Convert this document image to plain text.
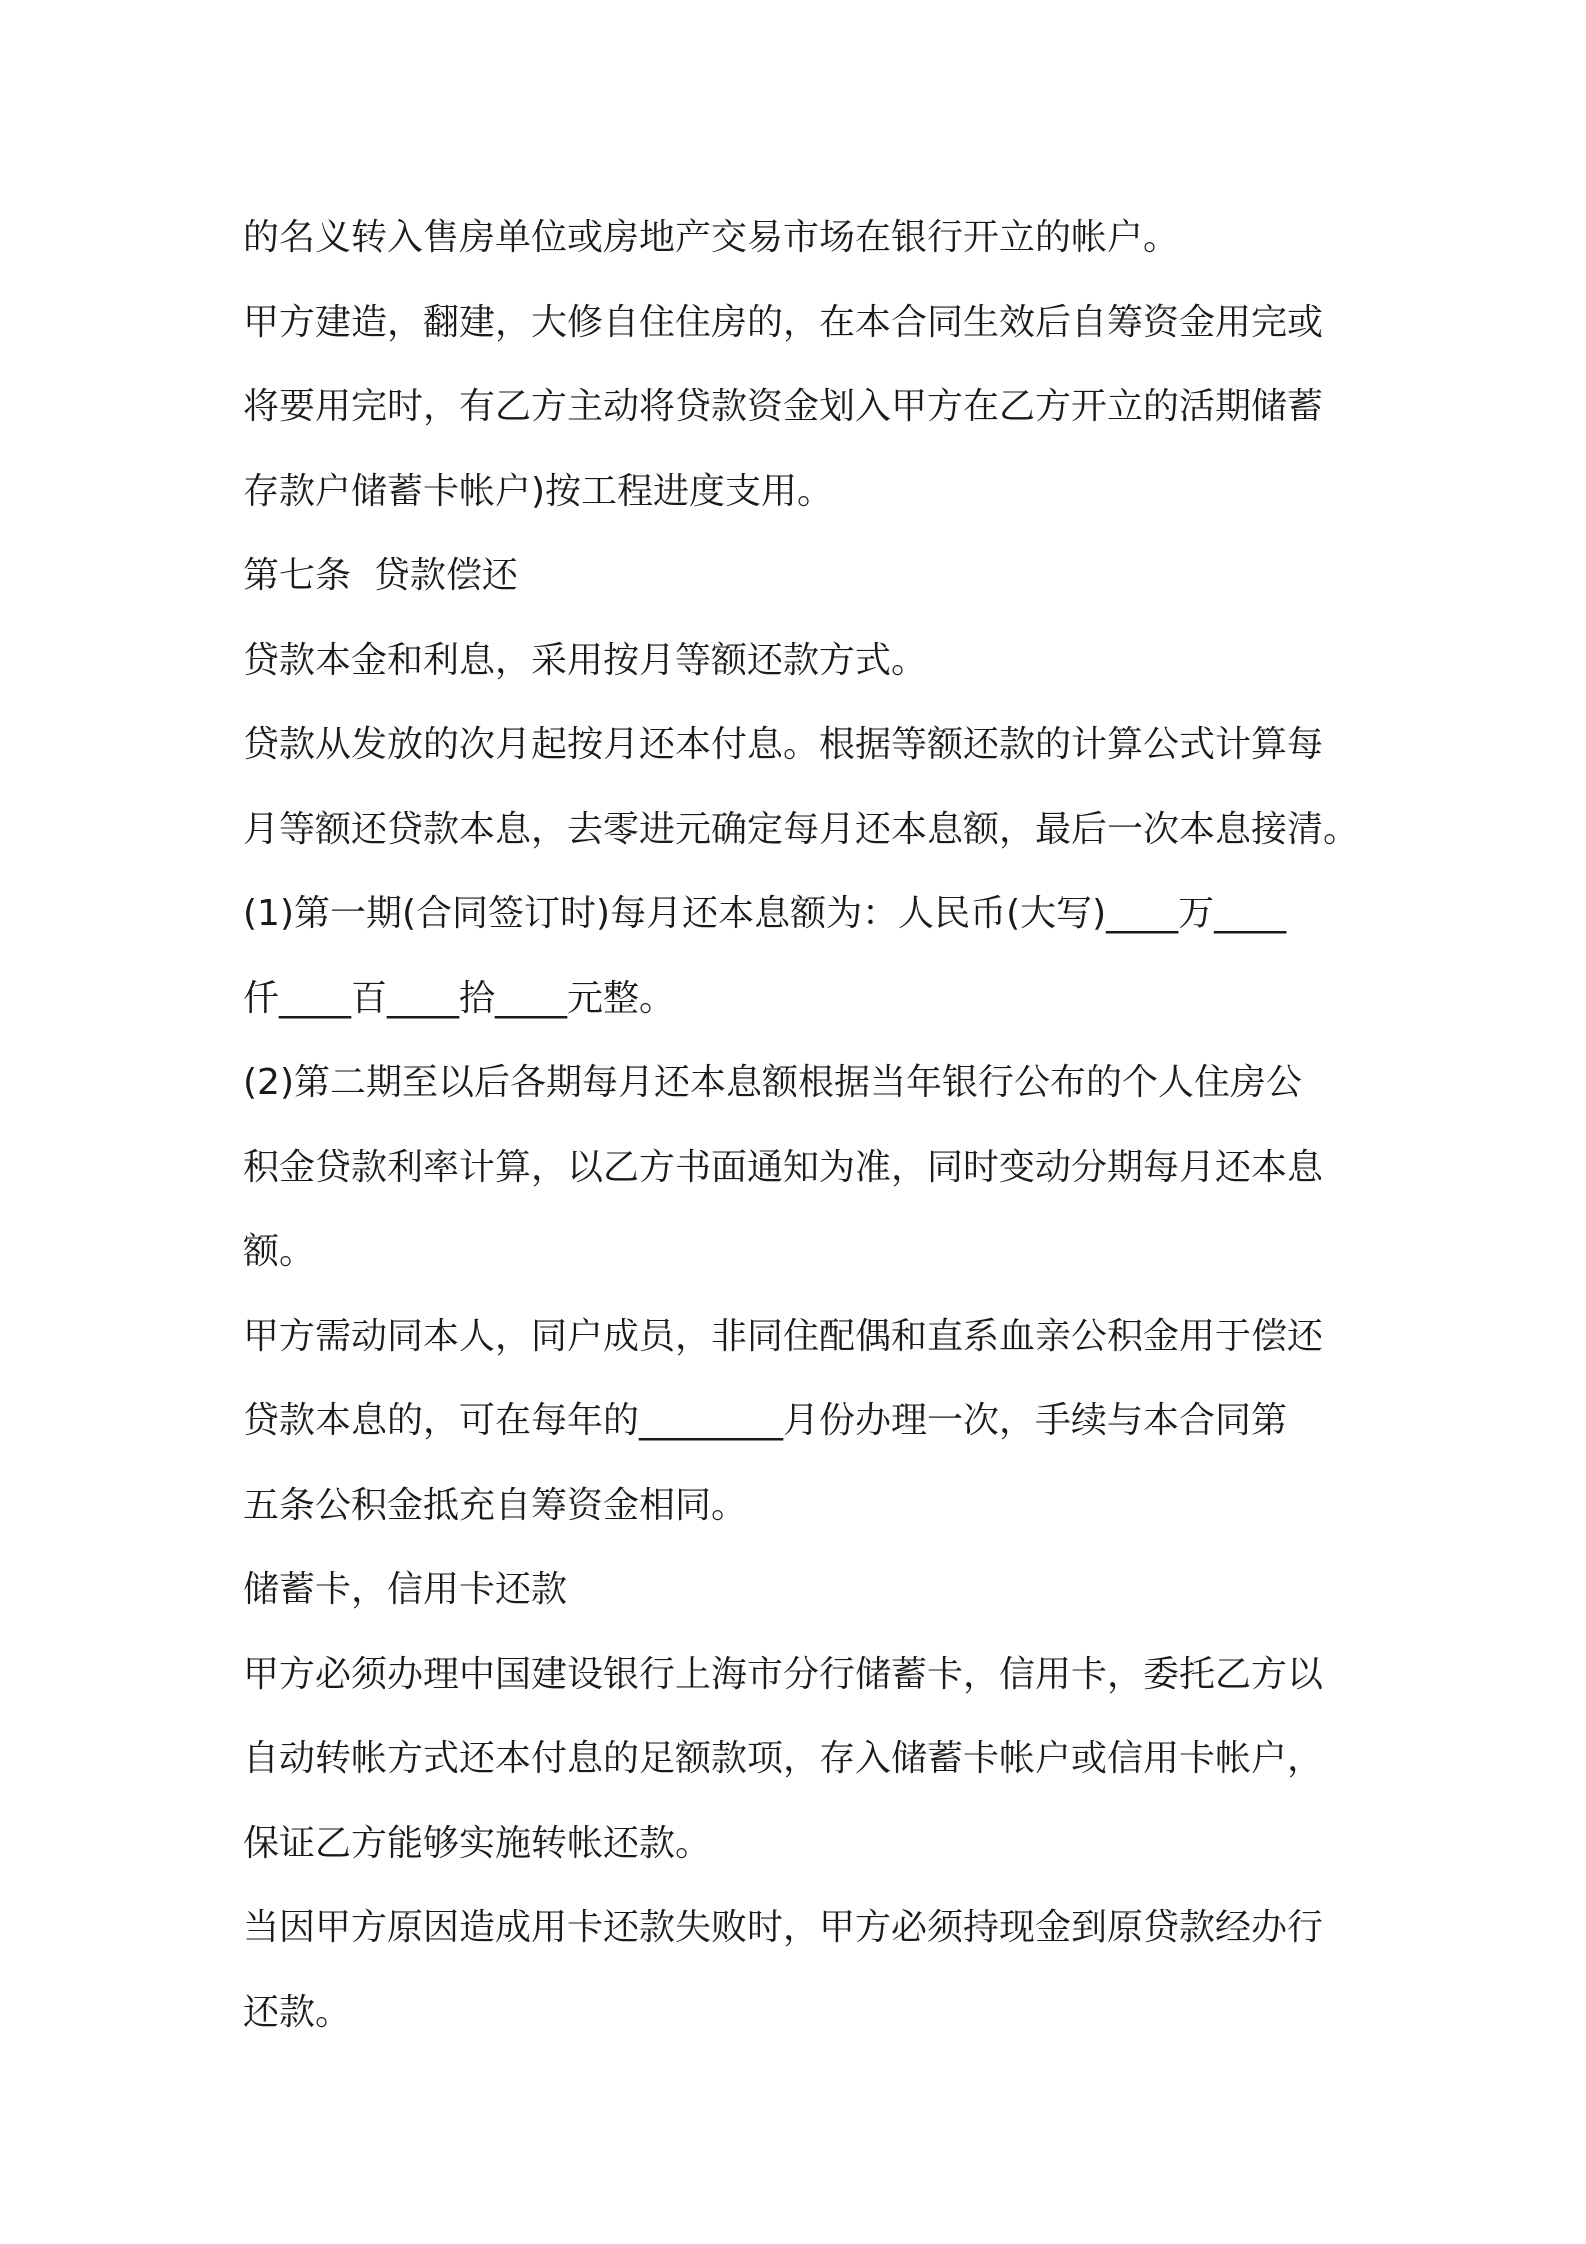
的名义转入售房单位或房地产交易市场在银行开立的帐户。

甲方建造，翻建，大修自住住房的，在本合同生效后自筹资金用完或

将要用完时，有乙方主动将贷款资金划入甲方在乙方开立的活期储蓄

存款户储蓄卡帐户)按工程进度支用。

第七条  贷款偿还

贷款本金和利息，采用按月等额还款方式。

贷款从发放的次月起按月还本付息。根据等额还款的计算公式计算每

月等额还贷款本息，去零进元确定每月还本息额，最后一次本息接清。

(1)第一期(合同签订时)每月还本息额为：人民币(大写)____万____

仟____百____拾____元整。

(2)第二期至以后各期每月还本息额根据当年银行公布的个人住房公

积金贷款利率计算，以乙方书面通知为准，同时变动分期每月还本息

额。

甲方需动同本人，同户成员，非同住配偶和直系血亲公积金用于偿还

贷款本息的，可在每年的________月份办理一次，手续与本合同第

五条公积金抵充自筹资金相同。

储蓄卡，信用卡还款

甲方必须办理中国建设银行上海市分行储蓄卡，信用卡，委托乙方以

自动转帐方式还本付息的足额款项，存入储蓄卡帐户或信用卡帐户，

保证乙方能够实施转帐还款。

当因甲方原因造成用卡还款失败时，甲方必须持现金到原贷款经办行

还款。
